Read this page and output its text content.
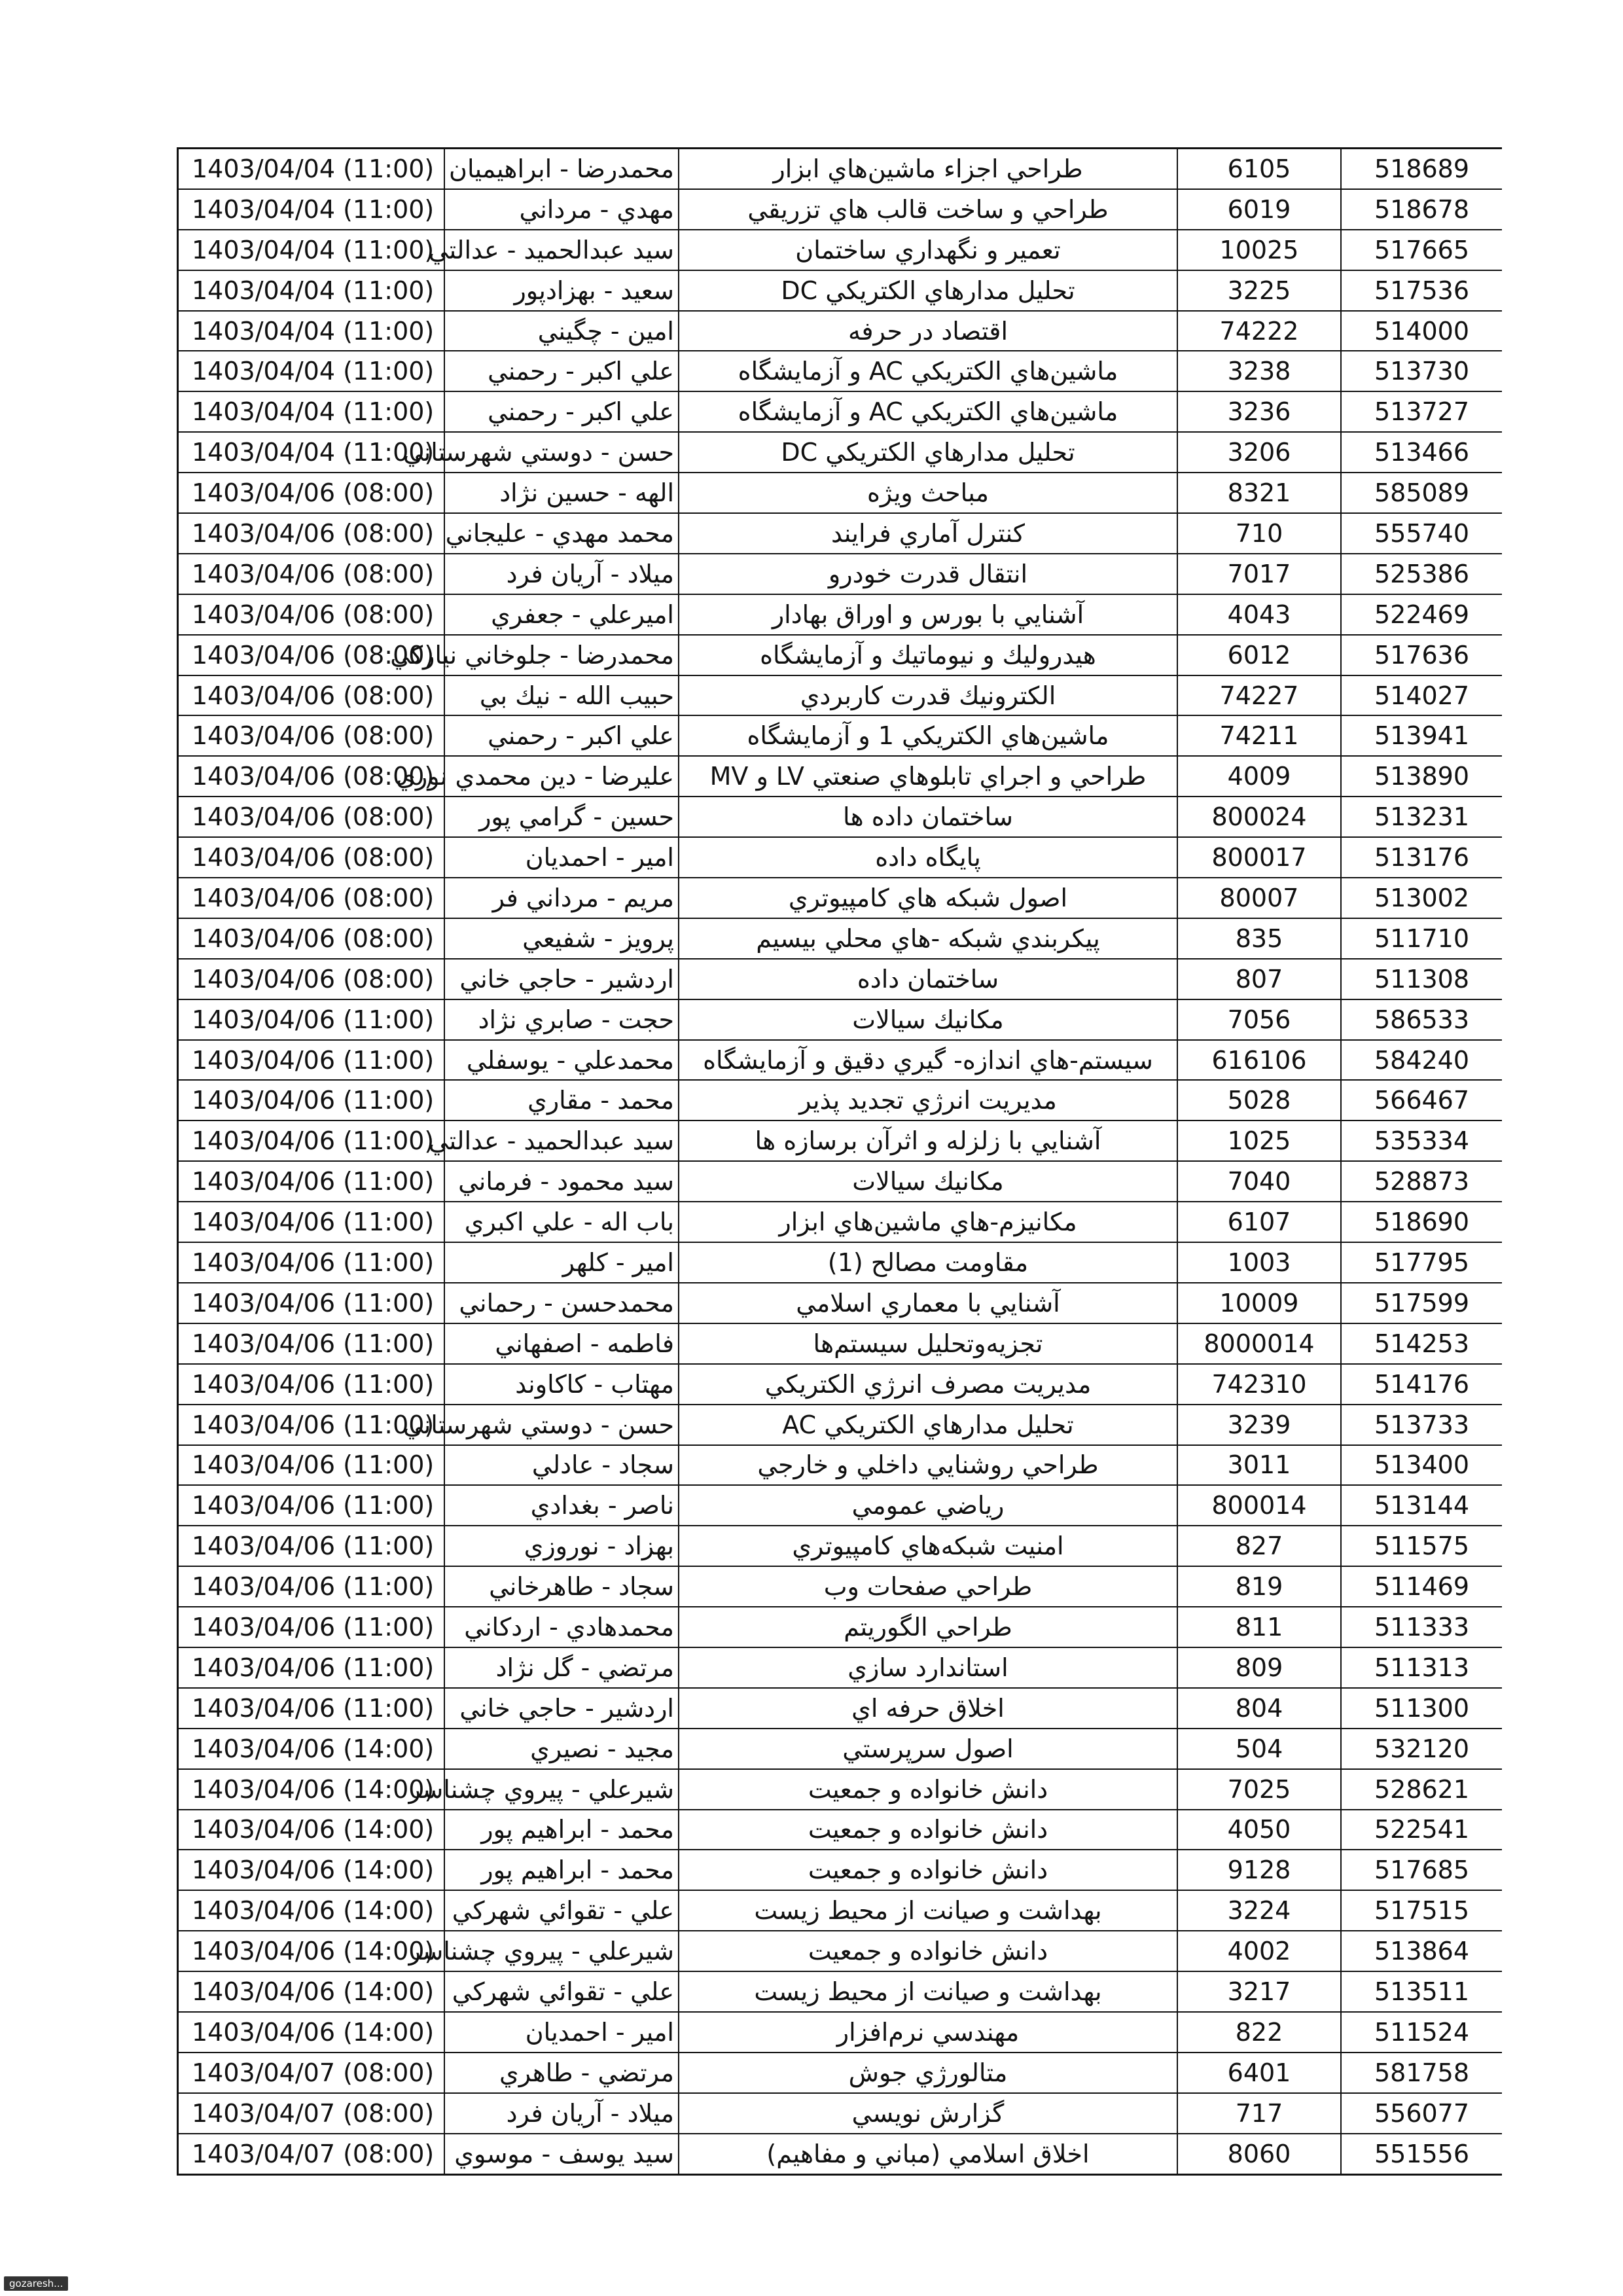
1403/04/04 (11:00)	محمدرضا - ابراهيميان	طراحي اجزاء ماشين‌هاي ابزار	6105	518689
1403/04/04 (11:00)	مهدي - مرداني	طراحي و ساخت قالب هاي تزريقي	6019	518678
1403/04/04 (11:00)	سيد عبدالحميد - عدالتي	تعمير و نگهداري ساختمان	10025	517665
1403/04/04 (11:00)	سعيد - بهزادپور	تحليل مدارهاي الكتريكي DC	3225	517536
1403/04/04 (11:00)	امين - چگيني	اقتصاد در حرفه	74222	514000
1403/04/04 (11:00)	علي اكبر - رحمني	ماشين‌هاي الكتريكي AC و آزمايشگاه	3238	513730
1403/04/04 (11:00)	علي اكبر - رحمني	ماشين‌هاي الكتريكي AC و آزمايشگاه	3236	513727
1403/04/04 (11:00)	حسن - دوستي شهرستاني	تحليل مدارهاي الكتريكي DC	3206	513466
1403/04/06 (08:00)	الهه - حسين نژاد	مباحث ويژه	8321	585089
1403/04/06 (08:00)	محمد مهدي - عليجاني	كنترل آماري فرايند	710	555740
1403/04/06 (08:00)	ميلاد - آريان فرد	انتقال قدرت خودرو	7017	525386
1403/04/06 (08:00)	اميرعلي - جعفري	آشنايي با بورس و اوراق بهادار	4043	522469
1403/04/06 (08:00)	محمدرضا - جلوخاني نيارکي	هيدروليك و نيوماتيك و آزمايشگاه	6012	517636
1403/04/06 (08:00)	حبيب الله - نيك بي	الكترونيك قدرت كاربردي	74227	514027
1403/04/06 (08:00)	علي اكبر - رحمني	ماشين‌هاي الكتريكي 1 و آزمايشگاه	74211	513941
1403/04/06 (08:00)	عليرضا - دين محمدي نوري	طراحي و اجراي تابلوهاي صنعتي LV و MV	4009	513890
1403/04/06 (08:00)	حسين - گرامي پور	ساختمان داده ها	800024	513231
1403/04/06 (08:00)	امير - احمديان	پايگاه داده	800017	513176
1403/04/06 (08:00)	مريم - مرداني فر	اصول شبكه هاي كامپيوتري	80007	513002
1403/04/06 (08:00)	پرويز - شفيعي	پيكربندي شبكه -هاي محلي بيسيم	835	511710
1403/04/06 (08:00)	اردشير - حاجي خاني	ساختمان داده	807	511308
1403/04/06 (11:00)	حجت - صابري نژاد	مكانيك سيالات	7056	586533
1403/04/06 (11:00)	محمدعلي - يوسفلي	سيستم-هاي اندازه- گيري دقيق و آزمايشگاه	616106	584240
1403/04/06 (11:00)	محمد - مقاري	مديريت انرژي تجديد پذير	5028	566467
1403/04/06 (11:00)	سيد عبدالحميد - عدالتي	آشنايي با زلزله و اثرآن برسازه ها	1025	535334
1403/04/06 (11:00)	سيد محمود - فرماني	مكانيك سيالات	7040	528873
1403/04/06 (11:00)	باب اله - علي اكبري	مكانيزم-هاي ماشين‌هاي ابزار	6107	518690
1403/04/06 (11:00)	امير - كلهر	مقاومت مصالح (1)	1003	517795
1403/04/06 (11:00)	محمدحسن - رحماني	آشنايي با معماري اسلامي	10009	517599
1403/04/06 (11:00)	فاطمه - اصفهاني	تجزيه‌وتحليل سيستم‌ها	8000014	514253
1403/04/06 (11:00)	مهتاب - كاكاوند	مديريت مصرف انرژي الكتريكي	742310	514176
1403/04/06 (11:00)	حسن - دوستي شهرستاني	تحليل مدارهاي الكتريكي AC	3239	513733
1403/04/06 (11:00)	سجاد - عادلي	طراحي روشنايي داخلي و خارجي	3011	513400
1403/04/06 (11:00)	ناصر - بغدادي	رياضي عمومي	800014	513144
1403/04/06 (11:00)	بهزاد - نوروزي	امنيت شبكه‌هاي كامپيوتري	827	511575
1403/04/06 (11:00)	سجاد - طاهرخاني	طراحي صفحات وب	819	511469
1403/04/06 (11:00)	محمدهادي - اردكاني	طراحي الگوريتم	811	511333
1403/04/06 (11:00)	مرتضي - گل نژاد	استاندارد سازي	809	511313
1403/04/06 (11:00)	اردشير - حاجي خاني	اخلاق حرفه اي	804	511300
1403/04/06 (14:00)	مجيد - نصيري	اصول سرپرستي	504	532120
1403/04/06 (14:00)	شيرعلي - پيروي چشناسر	دانش خانواده و جمعيت	7025	528621
1403/04/06 (14:00)	محمد - ابراهيم پور	دانش خانواده و جمعيت	4050	522541
1403/04/06 (14:00)	محمد - ابراهيم پور	دانش خانواده و جمعيت	9128	517685
1403/04/06 (14:00)	علي - تقوائي شهركي	بهداشت و صيانت از محيط زيست	3224	517515
1403/04/06 (14:00)	شيرعلي - پيروي چشناسر	دانش خانواده و جمعيت	4002	513864
1403/04/06 (14:00)	علي - تقوائي شهركي	بهداشت و صيانت از محيط زيست	3217	513511
1403/04/06 (14:00)	امير - احمديان	مهندسي نرم‌افزار	822	511524
1403/04/07 (08:00)	مرتضي - طاهري	متالورژي جوش	6401	581758
1403/04/07 (08:00)	ميلاد - آريان فرد	گزارش نويسي	717	556077
1403/04/07 (08:00)	سيد يوسف - موسوي	اخلاق اسلامي (مباني و مفاهيم)	8060	551556
gozaresh...
